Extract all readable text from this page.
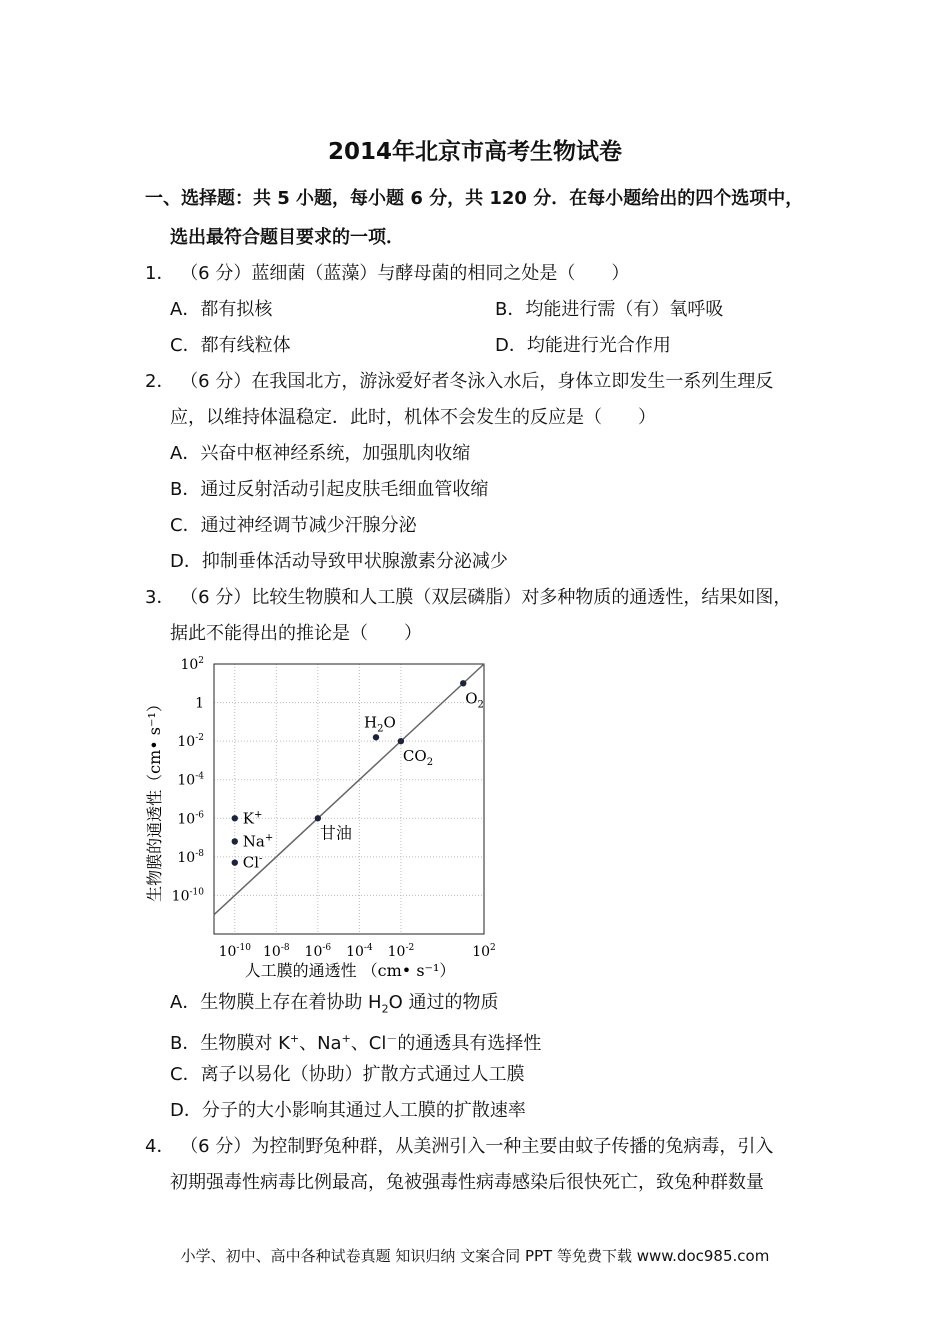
2014年北京市高考生物试卷
一、选择题：共 5 小题，每小题 6 分，共 120 分．在每小题给出的四个选项中，
选出最符合题目要求的一项．
1． （6 分）蓝细菌（蓝藻）与酵母菌的相同之处是（　　）
A．都有拟核	B．均能进行需（有）氧呼吸
C．都有线粒体	D．均能进行光合作用
2． （6 分）在我国北方，游泳爱好者冬泳入水后，身体立即发生一系列生理反
应，以维持体温稳定．此时，机体不会发生的反应是（　　）
A．兴奋中枢神经系统，加强肌肉收缩
B．通过反射活动引起皮肤毛细血管收缩
C．通过神经调节减少汗腺分泌
D．抑制垂体活动导致甲状腺激素分泌减少
3． （6 分）比较生物膜和人工膜（双层磷脂）对多种物质的通透性，结果如图，
据此不能得出的推论是（　　）
$10^{-10}$ $10^{-8}$ $10^{-6}$ $10^{-4}$ $10^{-2}$	$10^2$
$10^2$
1
$10^{-2}$
$10^{-4}$
$10^{-6}$
$10^{-8}$
$10^{-10}$
$O_2$
$H_2O$
$CO_2$
甘油
K+
Na+
Cl-
人工膜的通透性 （cm• s⁻¹）
生物膜的通透性（cm• s⁻¹）
A．生物膜上存在着协助 $H_2O$ 通过的物质
B．生物膜对 K+、Na+、Cl－的通透具有选择性
C．离子以易化（协助）扩散方式通过人工膜
D．分子的大小影响其通过人工膜的扩散速率
4． （6 分）为控制野兔种群，从美洲引入一种主要由蚊子传播的兔病毒，引入
初期强毒性病毒比例最高，兔被强毒性病毒感染后很快死亡，致兔种群数量
小学、初中、高中各种试卷真题 知识归纳 文案合同 PPT 等免费下载 www.doc985.com
